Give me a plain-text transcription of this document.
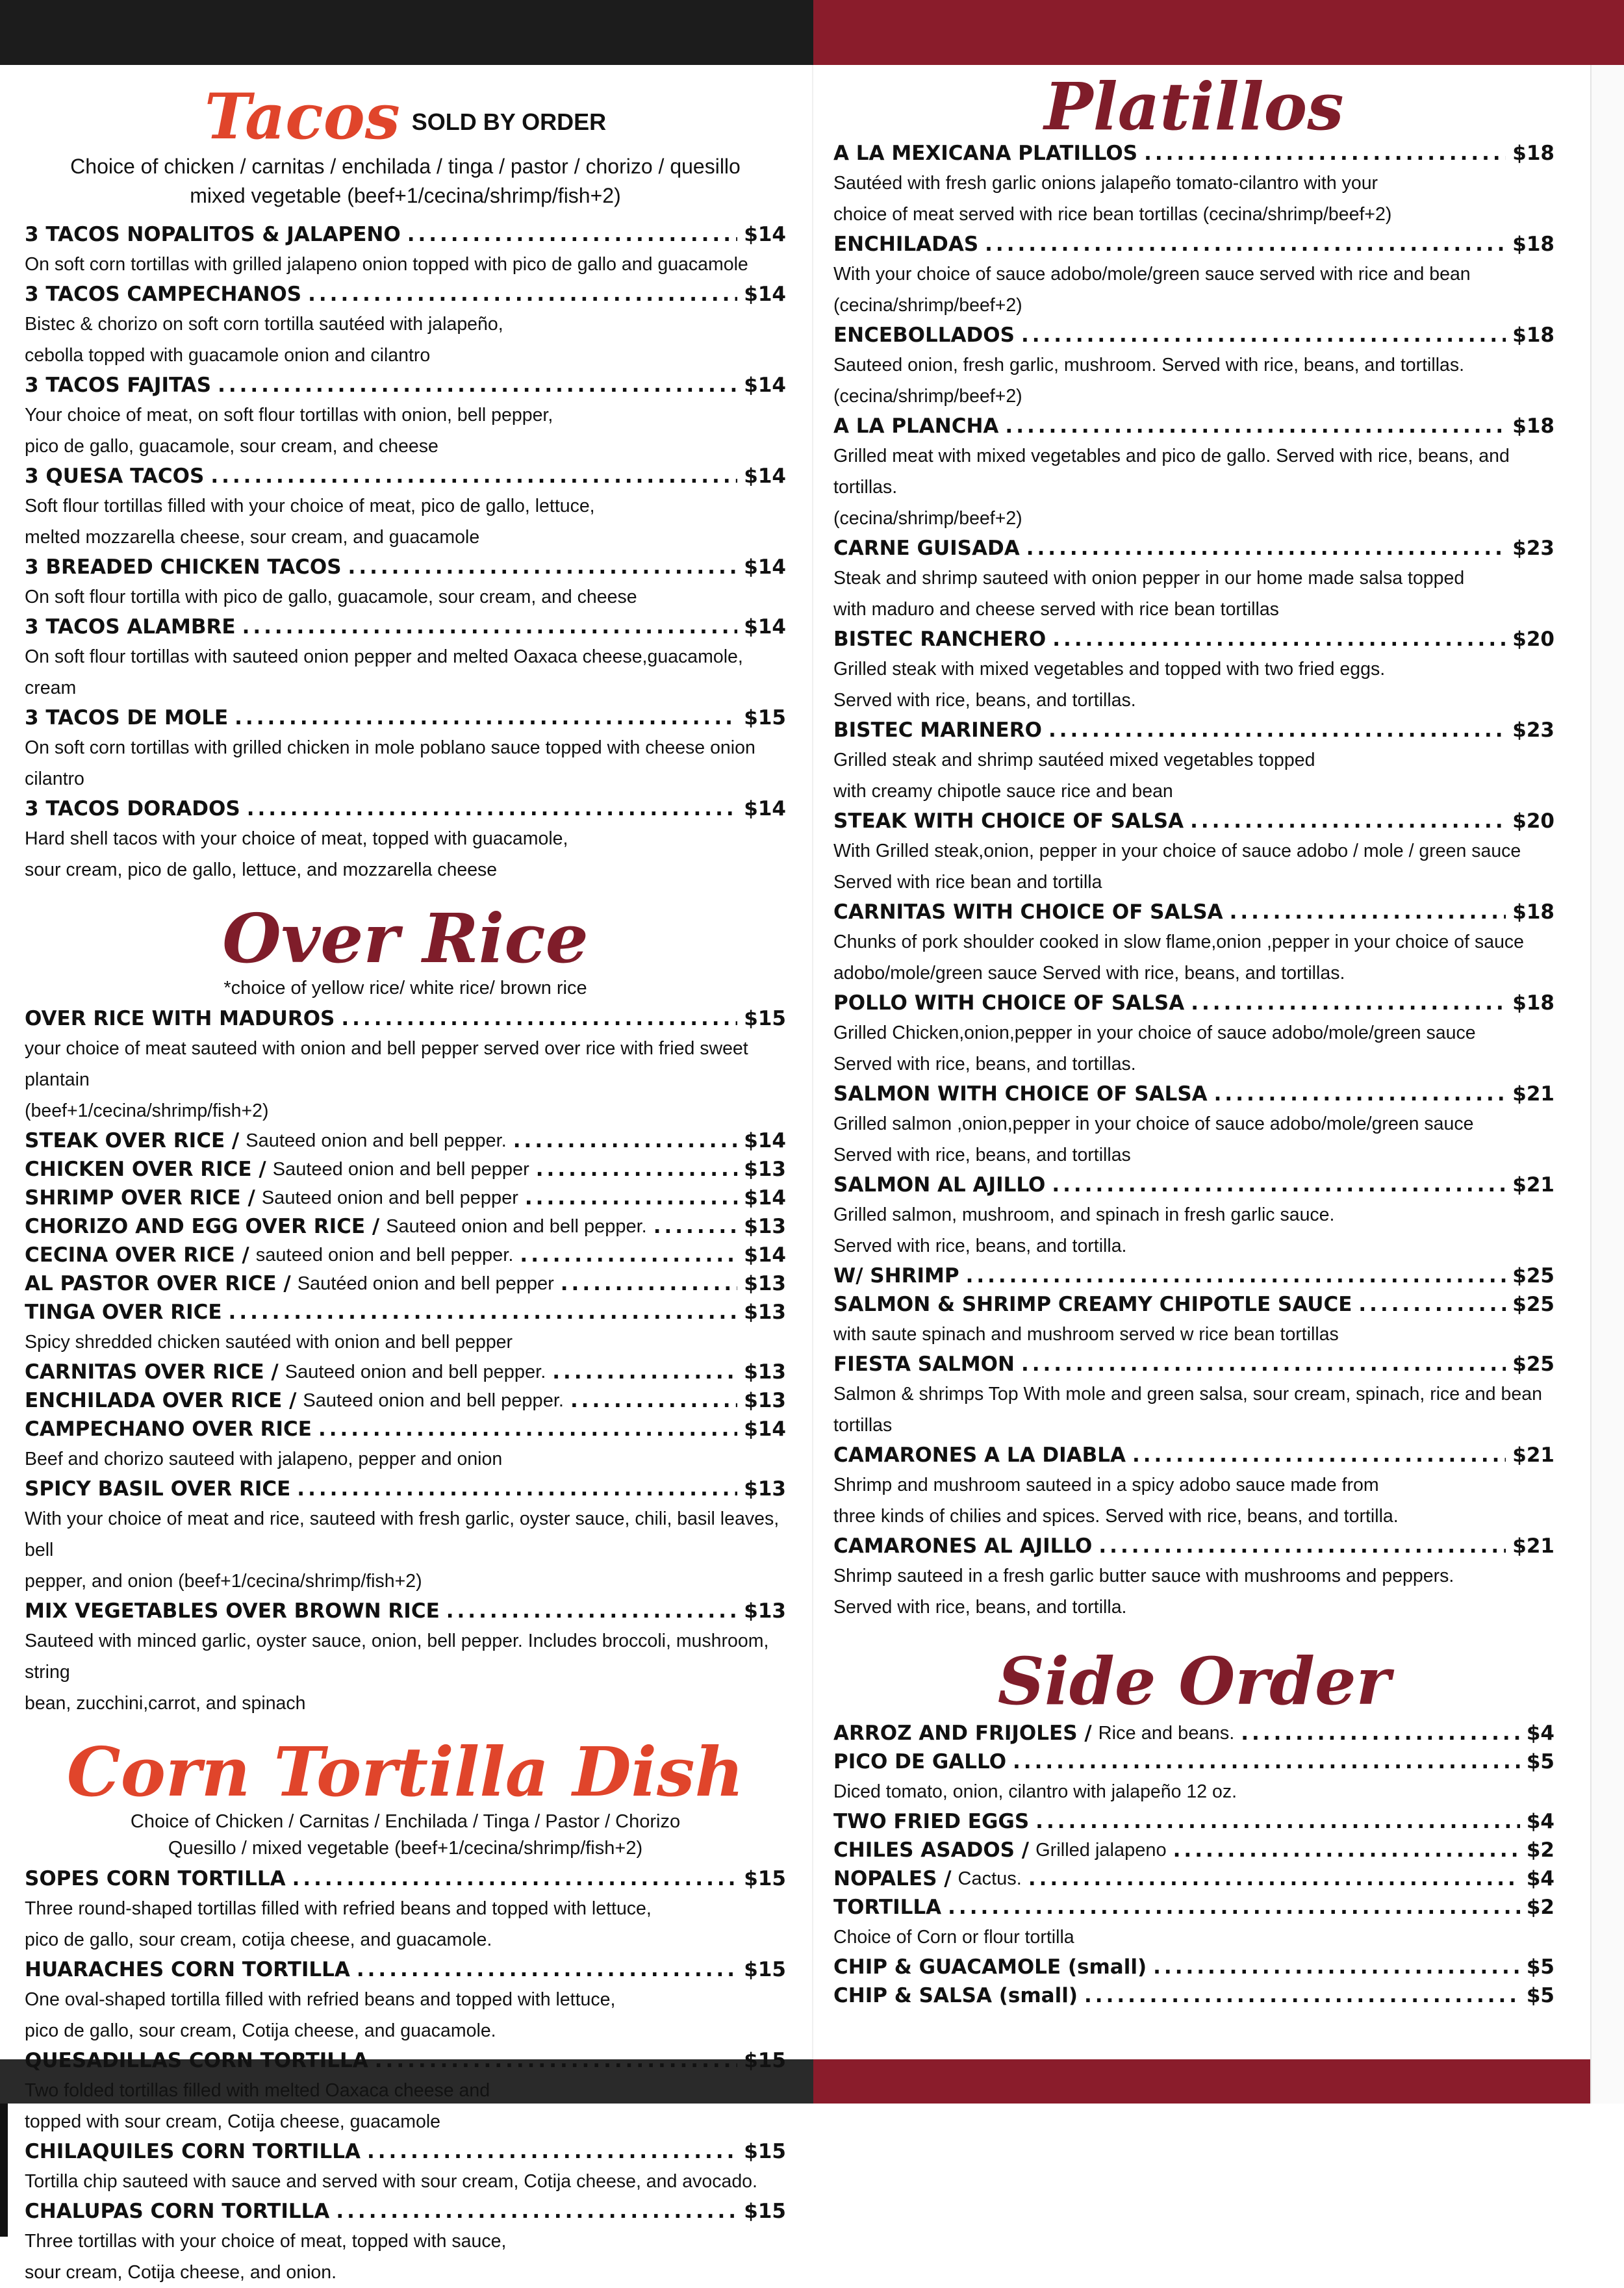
Tacos SOLD BY ORDER
Choice of chicken / carnitas / enchilada / tinga / pastor / chorizo / quesillo
mixed vegetable (beef+1/cecina/shrimp/fish+2)
3 TACOS NOPALITOS & JALAPENO .....	$14
On soft corn tortillas with grilled jalapeno onion topped with pico de gallo and guacamole
3 TACOS CAMPECHANOS .....	$14
Bistec & chorizo on soft corn tortilla sautéed with jalapeño,
cebolla topped with guacamole onion and cilantro
3 TACOS FAJITAS .....	$14
Your choice of meat, on soft flour tortillas with onion, bell pepper,
pico de gallo, guacamole, sour cream, and cheese
3 QUESA TACOS .....	$14
Soft flour tortillas filled with your choice of meat, pico de gallo, lettuce,
melted mozzarella cheese, sour cream, and guacamole
3 BREADED CHICKEN TACOS .....	$14
On soft flour tortilla with pico de gallo, guacamole, sour cream, and cheese
3 TACOS ALAMBRE .....	$14
On soft flour tortillas with sauteed onion pepper and melted Oaxaca cheese,guacamole, cream
3 TACOS DE MOLE .....	$15
On soft corn tortillas with grilled chicken in mole poblano sauce topped with cheese onion cilantro
3 TACOS DORADOS .....	$14
Hard shell tacos with your choice of meat, topped with guacamole,
sour cream, pico de gallo, lettuce, and mozzarella cheese
Over Rice
*choice of yellow rice/ white rice/ brown rice
OVER RICE WITH MADUROS .....	$15
your choice of meat sauteed with onion and bell pepper served over rice with fried sweet plantain
(beef+1/cecina/shrimp/fish+2)
STEAK OVER RICE / Sauteed onion and bell pepper. .....	$14
CHICKEN OVER RICE / Sauteed onion and bell pepper .....	$13
SHRIMP OVER RICE / Sauteed onion and bell pepper .....	$14
CHORIZO AND EGG OVER RICE / Sauteed onion and bell pepper. .....	$13
CECINA OVER RICE / sauteed onion and bell pepper. .....	$14
AL PASTOR OVER RICE / Sautéed onion and bell pepper .....	$13
TINGA OVER RICE .....	$13
Spicy shredded chicken sautéed with onion and bell pepper
CARNITAS OVER RICE / Sauteed onion and bell pepper. .....	$13
ENCHILADA OVER RICE / Sauteed onion and bell pepper. .....	$13
CAMPECHANO OVER RICE .....	$14
Beef and chorizo sauteed with jalapeno, pepper and onion
SPICY BASIL OVER RICE .....	$13
With your choice of meat and rice, sauteed with fresh garlic, oyster sauce, chili, basil leaves, bell
pepper, and onion (beef+1/cecina/shrimp/fish+2)
MIX VEGETABLES OVER BROWN RICE .....	$13
Sauteed with minced garlic, oyster sauce, onion, bell pepper. Includes broccoli, mushroom, string
bean, zucchini,carrot, and spinach
Corn Tortilla Dish
Choice of Chicken / Carnitas / Enchilada / Tinga / Pastor / Chorizo
Quesillo / mixed vegetable (beef+1/cecina/shrimp/fish+2)
SOPES CORN TORTILLA .....	$15
Three round-shaped tortillas filled with refried beans and topped with lettuce,
pico de gallo, sour cream, cotija cheese, and guacamole.
HUARACHES CORN TORTILLA .....	$15
One oval-shaped tortilla filled with refried beans and topped with lettuce,
pico de gallo, sour cream, Cotija cheese, and guacamole.
QUESADILLAS CORN TORTILLA .....	$15
Two folded tortillas filled with melted Oaxaca cheese and
topped with sour cream, Cotija cheese, guacamole
CHILAQUILES CORN TORTILLA .....	$15
Tortilla chip sauteed with sauce and served with sour cream, Cotija cheese, and avocado.
CHALUPAS CORN TORTILLA .....	$15
Three tortillas with your choice of meat, topped with sauce,
sour cream, Cotija cheese, and onion.
Platillos
A LA MEXICANA PLATILLOS .....	$18
Sautéed with fresh garlic onions jalapeño tomato-cilantro with your
choice of meat served with rice bean tortillas (cecina/shrimp/beef+2)
ENCHILADAS .....	$18
With your choice of sauce adobo/mole/green sauce served with rice and bean
(cecina/shrimp/beef+2)
ENCEBOLLADOS .....	$18
Sauteed onion, fresh garlic, mushroom. Served with rice, beans, and tortillas.
(cecina/shrimp/beef+2)
A LA PLANCHA .....	$18
Grilled meat with mixed vegetables and pico de gallo. Served with rice, beans, and tortillas.
(cecina/shrimp/beef+2)
CARNE GUISADA .....	$23
Steak and shrimp sauteed with onion pepper in our home made salsa topped
with maduro and cheese served with rice bean tortillas
BISTEC RANCHERO .....	$20
Grilled steak with mixed vegetables and topped with two fried eggs.
Served with rice, beans, and tortillas.
BISTEC MARINERO .....	$23
Grilled steak and shrimp sautéed mixed vegetables topped
with creamy chipotle sauce rice and bean
STEAK WITH CHOICE OF SALSA .....	$20
With Grilled steak,onion, pepper in your choice of sauce adobo / mole / green sauce
Served with rice bean and tortilla
CARNITAS WITH CHOICE OF SALSA .....	$18
Chunks of pork shoulder cooked in slow flame,onion ,pepper in your choice of sauce
adobo/mole/green sauce Served with rice, beans, and tortillas.
POLLO WITH CHOICE OF SALSA .....	$18
Grilled Chicken,onion,pepper in your choice of sauce adobo/mole/green sauce
Served with rice, beans, and tortillas.
SALMON WITH CHOICE OF SALSA .....	$21
Grilled salmon ,onion,pepper in your choice of sauce adobo/mole/green sauce
Served with rice, beans, and tortillas
SALMON AL AJILLO .....	$21
Grilled salmon, mushroom, and spinach in fresh garlic sauce.
Served with rice, beans, and tortilla.
W/ SHRIMP .....	$25
SALMON & SHRIMP CREAMY CHIPOTLE SAUCE .....	$25
with saute spinach and mushroom served w rice bean tortillas
FIESTA SALMON .....	$25
Salmon & shrimps Top With mole and green salsa, sour cream, spinach, rice and bean tortillas
CAMARONES A LA DIABLA .....	$21
Shrimp and mushroom sauteed in a spicy adobo sauce made from
three kinds of chilies and spices. Served with rice, beans, and tortilla.
CAMARONES AL AJILLO .....	$21
Shrimp sauteed in a fresh garlic butter sauce with mushrooms and peppers.
Served with rice, beans, and tortilla.
Side Order
ARROZ AND FRIJOLES / Rice and beans. .....	$4
PICO DE GALLO .....	$5
Diced tomato, onion, cilantro with jalapeño 12 oz.
TWO FRIED EGGS .....	$4
CHILES ASADOS / Grilled jalapeno .....	$2
NOPALES / Cactus. .....	$4
TORTILLA .....	$2
Choice of Corn or flour tortilla
CHIP & GUACAMOLE (small) .....	$5
CHIP & SALSA (small) .....	$5
